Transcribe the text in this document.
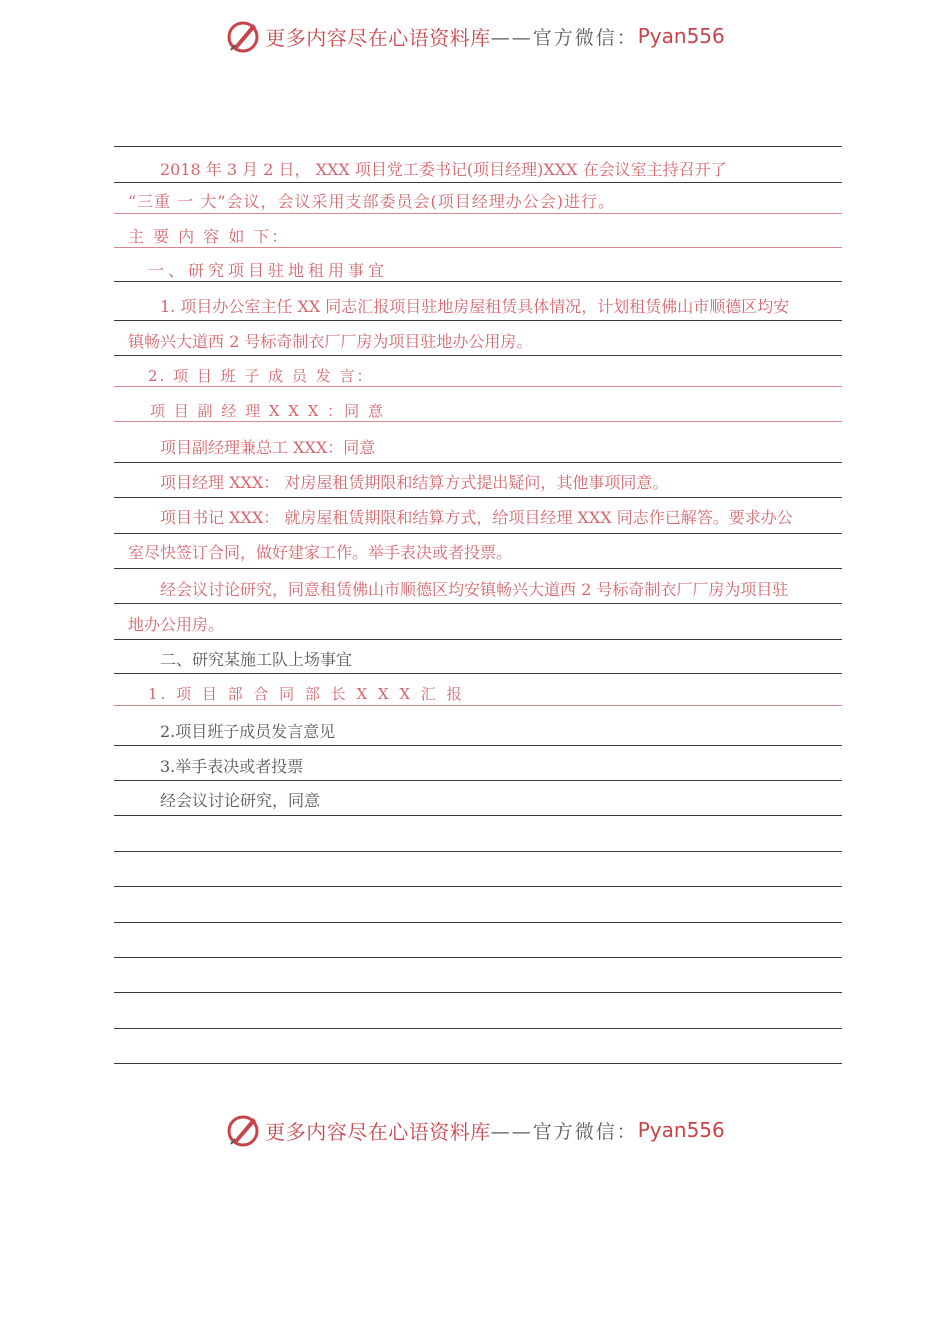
更多内容尽在心语资料库 ——官方微信： Pyan556
2018 年 3 月 2 日， XXX 项目党工委书记(项目经理)XXX 在会议室主持召开了
“三重 一 大”会议，会议采用支部委员会(项目经理办公会)进行。
主 要 内 容 如 下：
一、研究项目驻地租用事宜
1. 项目办公室主任 XX 同志汇报项目驻地房屋租赁具体情况，计划租赁佛山市顺德区均安
镇畅兴大道西 2 号标奇制衣厂厂房为项目驻地办公用房。
2. 项 目 班 子 成 员 发 言：
项 目 副 经 理 X X X ：同 意
项目副经理兼总工 XXX：同意
项目经理 XXX： 对房屋租赁期限和结算方式提出疑问，其他事项同意。
项目书记 XXX： 就房屋租赁期限和结算方式，给项目经理 XXX 同志作已解答。要求办公
室尽快签订合同，做好建家工作。举手表决或者投票。
经会议讨论研究，同意租赁佛山市顺德区均安镇畅兴大道西 2 号标奇制衣厂厂房为项目驻
地办公用房。
二、研究某施工队上场事宜
1. 项 目 部 合 同 部 长 X X X 汇 报
2.项目班子成员发言意见
3.举手表决或者投票
经会议讨论研究，同意
更多内容尽在心语资料库 ——官方微信： Pyan556
